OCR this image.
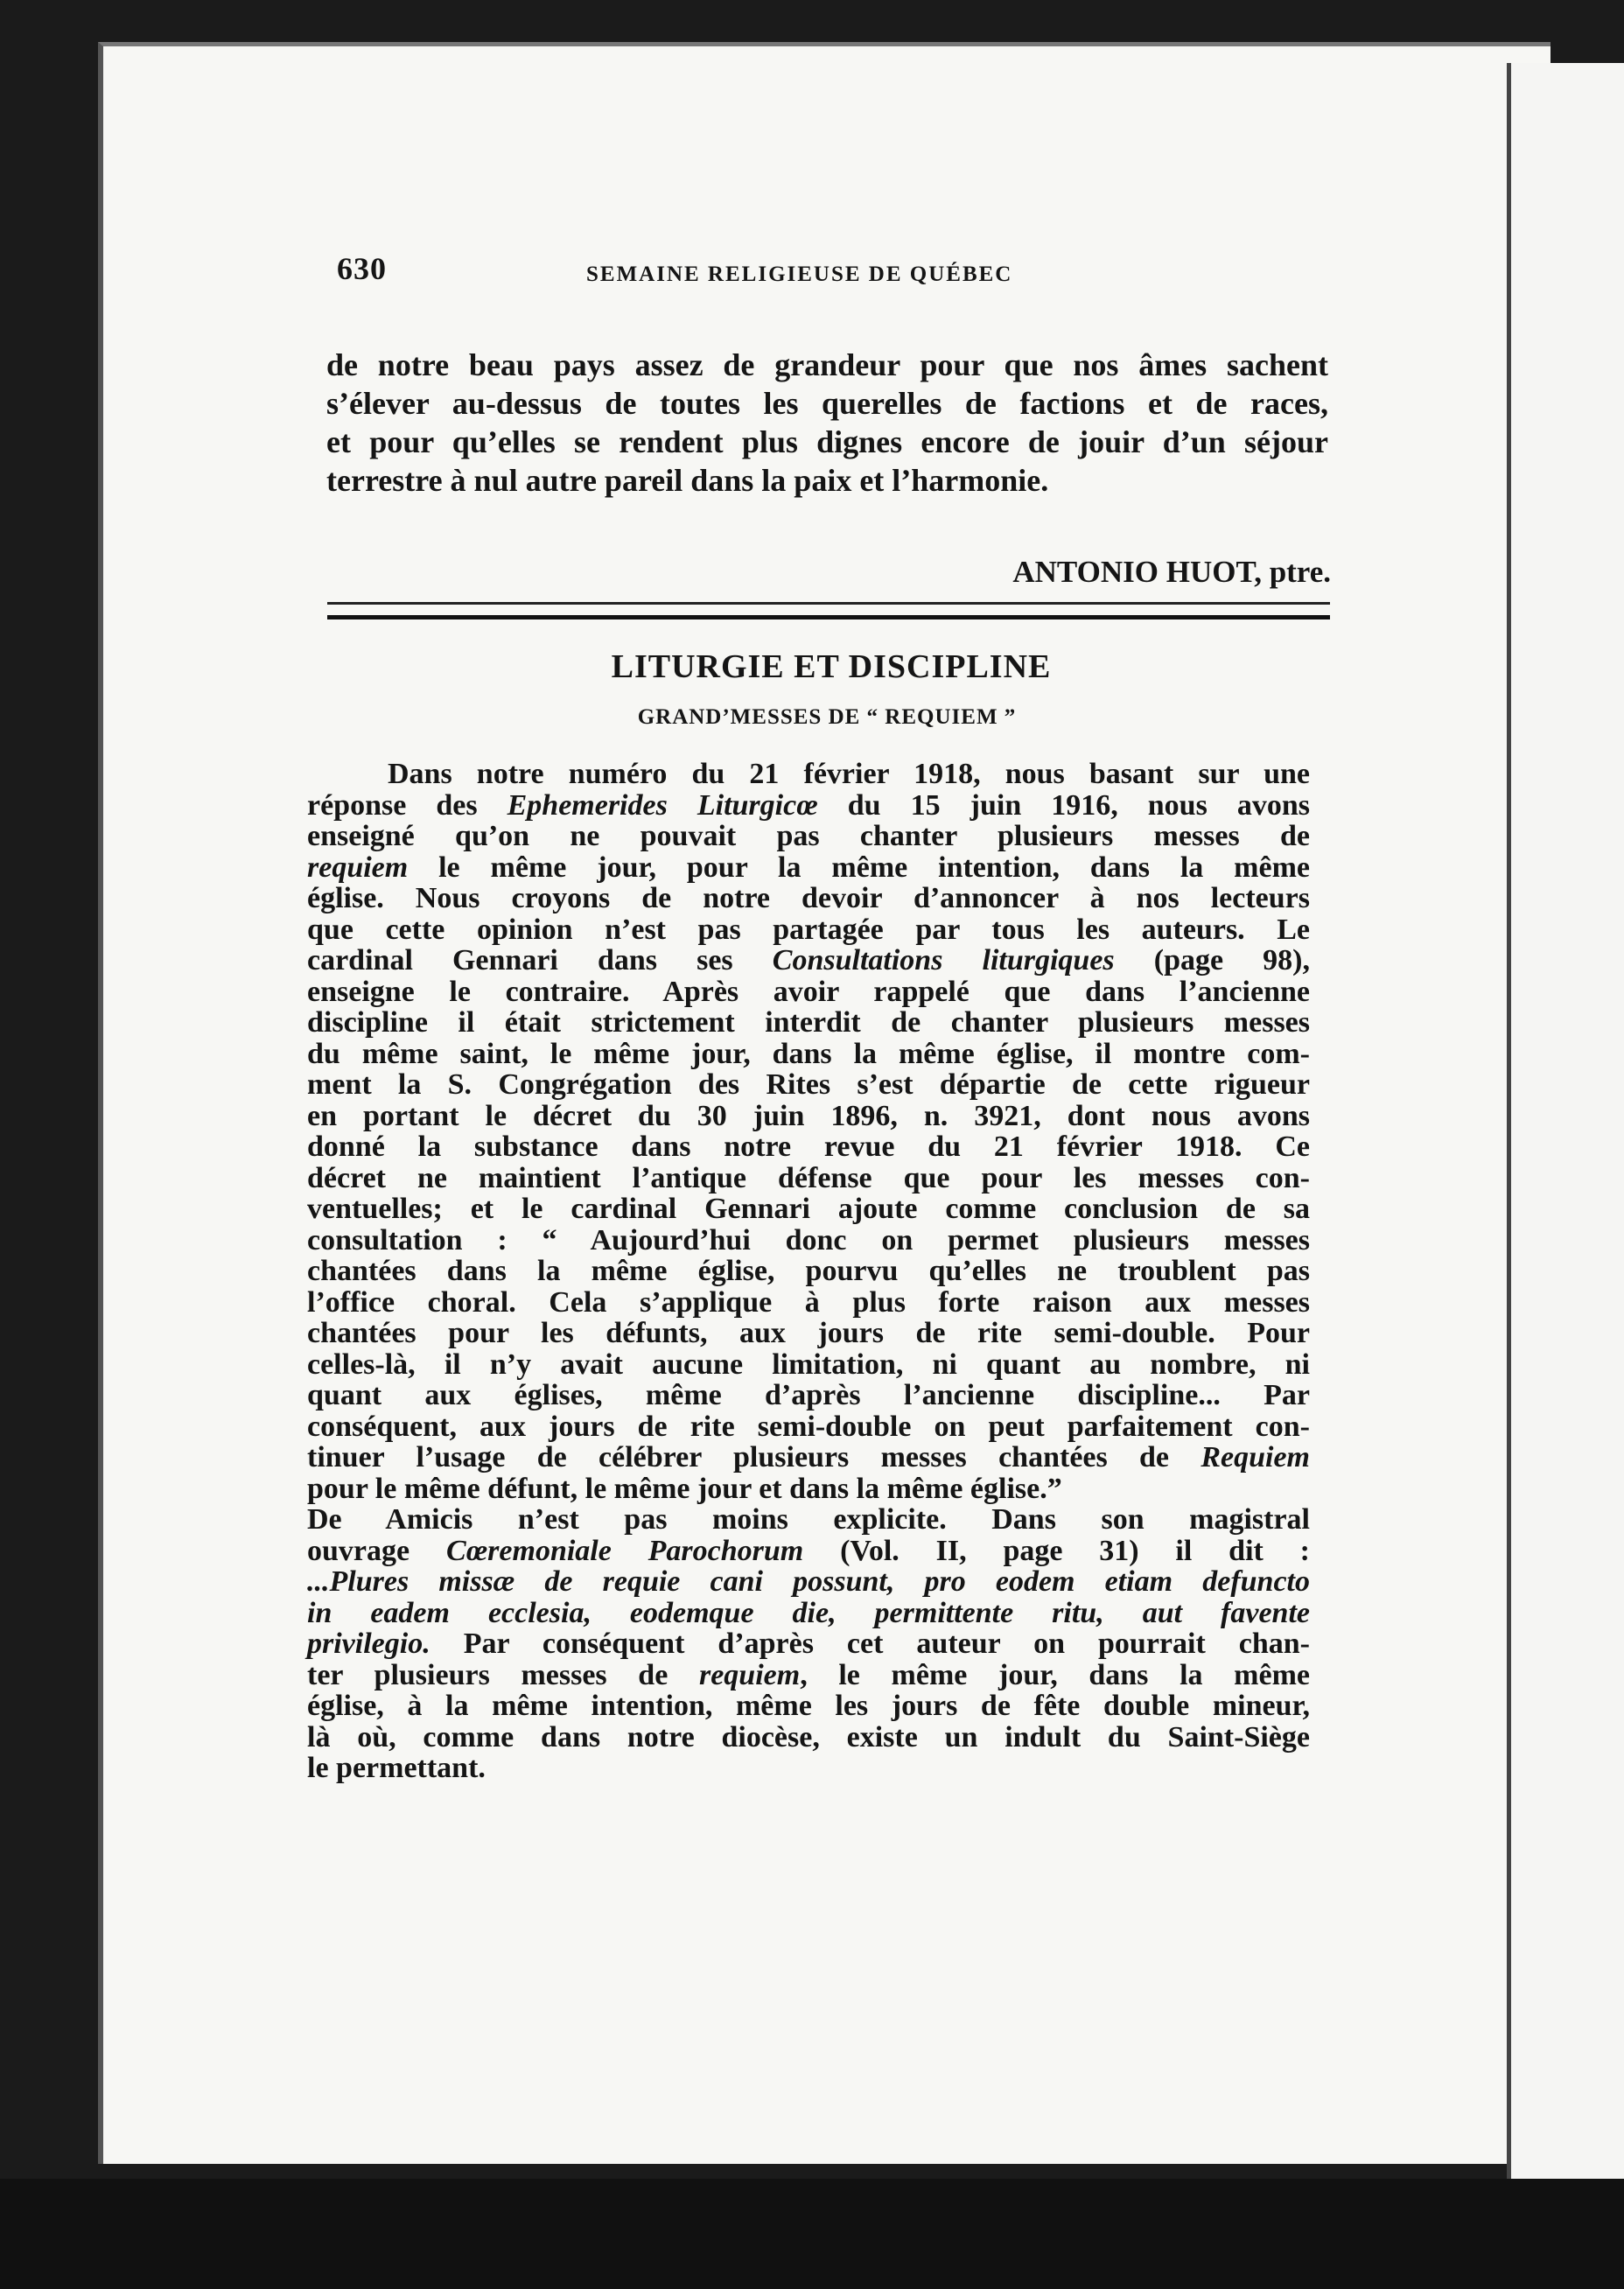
630	SEMAINE RELIGIEUSE DE QUÉBEC
de notre beau pays assez de grandeur pour que nos âmes sachent
s’élever au-dessus de toutes les querelles de factions et de races,
et pour qu’elles se rendent plus dignes encore de jouir d’un séjour
terrestre à nul autre pareil dans la paix et l’harmonie.
ANTONIO HUOT, ptre.
LITURGIE ET DISCIPLINE
GRAND’MESSES DE “ REQUIEM ”
Dans notre numéro du 21 février 1918, nous basant sur une
réponse des Ephemerides Liturgicœ du 15 juin 1916, nous avons
enseigné qu’on ne pouvait pas chanter plusieurs messes de
requiem le même jour, pour la même intention, dans la même
église. Nous croyons de notre devoir d’annoncer à nos lecteurs
que cette opinion n’est pas partagée par tous les auteurs. Le
cardinal Gennari dans ses Consultations liturgiques (page 98),
enseigne le contraire. Après avoir rappelé que dans l’ancienne
discipline il était strictement interdit de chanter plusieurs messes
du même saint, le même jour, dans la même église, il montre com-
ment la S. Congrégation des Rites s’est départie de cette rigueur
en portant le décret du 30 juin 1896, n. 3921, dont nous avons
donné la substance dans notre revue du 21 février 1918. Ce
décret ne maintient l’antique défense que pour les messes con-
ventuelles; et le cardinal Gennari ajoute comme conclusion de sa
consultation : “ Aujourd’hui donc on permet plusieurs messes
chantées dans la même église, pourvu qu’elles ne troublent pas
l’office choral. Cela s’applique à plus forte raison aux messes
chantées pour les défunts, aux jours de rite semi-double. Pour
celles-là, il n’y avait aucune limitation, ni quant au nombre, ni
quant aux églises, même d’après l’ancienne discipline... Par
conséquent, aux jours de rite semi-double on peut parfaitement con-
tinuer l’usage de célébrer plusieurs messes chantées de Requiem
pour le même défunt, le même jour et dans la même église.”
De Amicis n’est pas moins explicite. Dans son magistral
ouvrage Cœremoniale Parochorum (Vol. II, page 31) il dit :
...Plures missæ de requie cani possunt, pro eodem etiam defuncto
in eadem ecclesia, eodemque die, permittente ritu, aut favente
privilegio. Par conséquent d’après cet auteur on pourrait chan-
ter plusieurs messes de requiem, le même jour, dans la même
église, à la même intention, même les jours de fête double mineur,
là où, comme dans notre diocèse, existe un indult du Saint-Siège
le permettant.
